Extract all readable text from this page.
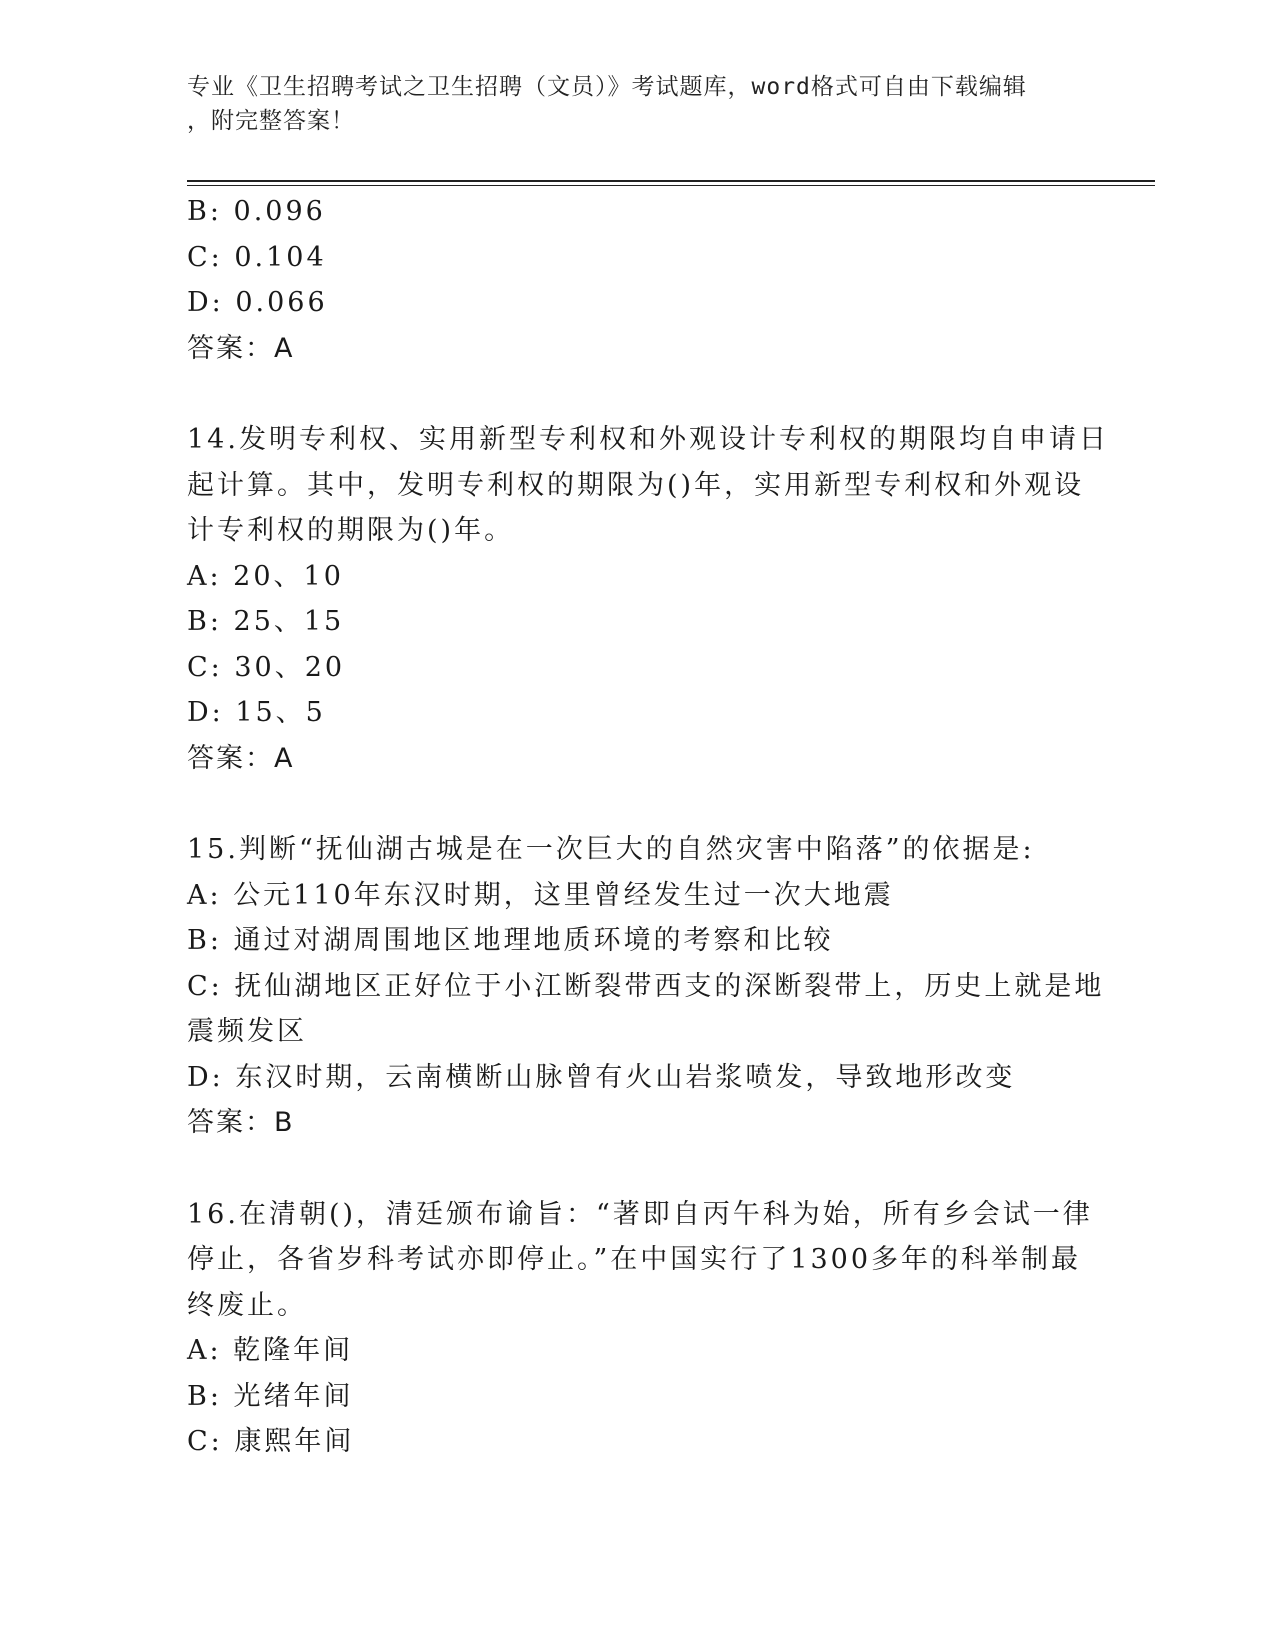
专业《卫生招聘考试之卫生招聘（文员）》考试题库，word格式可自由下载编辑
，附完整答案！
B: 0.096
C: 0.104
D: 0.066
答案：A
14.发明专利权、实用新型专利权和外观设计专利权的期限均自申请日
起计算。其中，发明专利权的期限为()年，实用新型专利权和外观设
计专利权的期限为()年。
A: 20、10
B: 25、15
C: 30、20
D: 15、5
答案：A
15.判断“抚仙湖古城是在一次巨大的自然灾害中陷落”的依据是:
A: 公元110年东汉时期，这里曾经发生过一次大地震
B: 通过对湖周围地区地理地质环境的考察和比较
C: 抚仙湖地区正好位于小江断裂带西支的深断裂带上，历史上就是地
震频发区
D: 东汉时期，云南横断山脉曾有火山岩浆喷发，导致地形改变
答案：B
16.在清朝()，清廷颁布谕旨：“著即自丙午科为始，所有乡会试一律
停止，各省岁科考试亦即停止。”在中国实行了1300多年的科举制最
终废止。
A: 乾隆年间
B: 光绪年间
C: 康熙年间
